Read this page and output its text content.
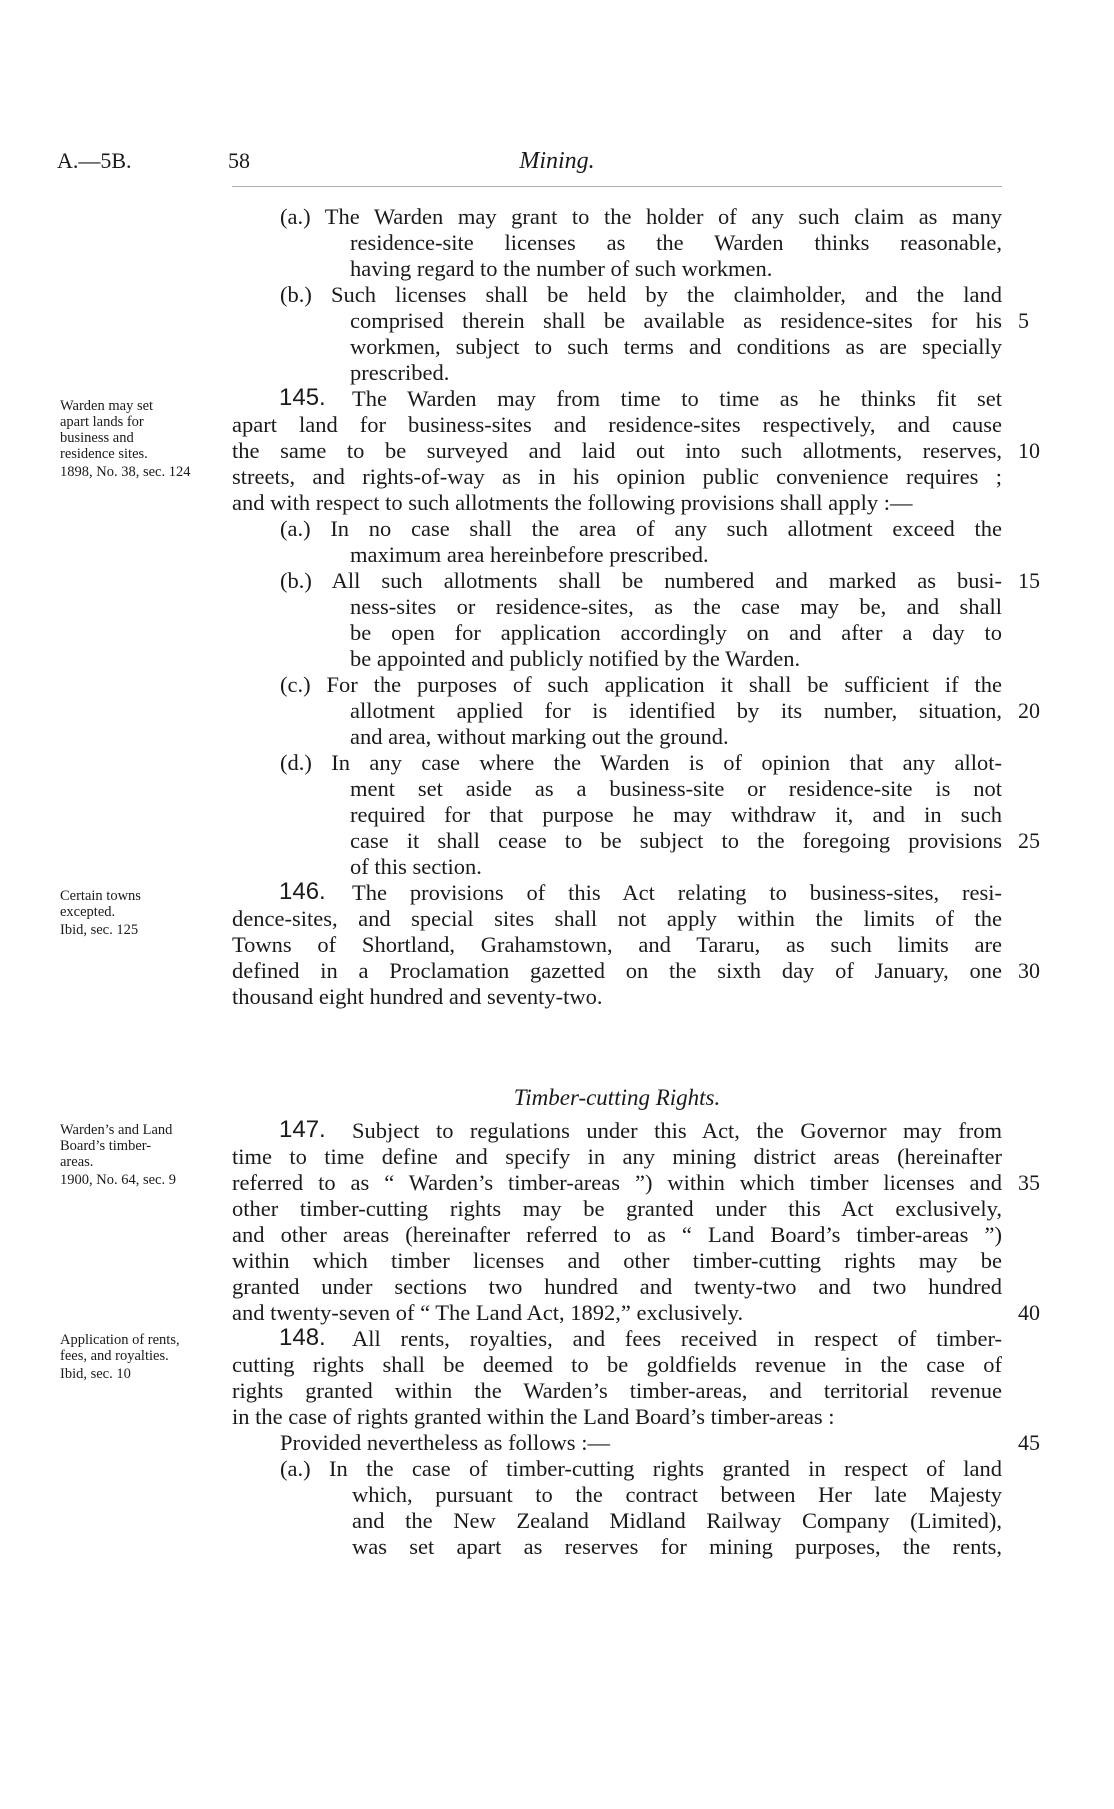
A.—5B.	58	Mining.
Warden may set
apart lands for
business and
residence sites.
1898, No. 38, sec. 124
Certain towns
excepted.
Ibid, sec. 125
Warden’s and Land
Board’s timber-
areas.
1900, No. 64, sec. 9
Application of rents,
fees, and royalties.
Ibid, sec. 10
(a.) The Warden may grant to the holder of any such claim as many
residence-site licenses as the Warden thinks reasonable,
having regard to the number of such workmen.
(b.) Such licenses shall be held by the claimholder, and the land
comprised therein shall be available as residence-sites for his
workmen, subject to such terms and conditions as are specially
prescribed.
145. The Warden may from time to time as he thinks fit set
apart land for business-sites and residence-sites respectively, and cause
the same to be surveyed and laid out into such allotments, reserves,
streets, and rights-of-way as in his opinion public convenience requires ;
and with respect to such allotments the following provisions shall apply :—
(a.) In no case shall the area of any such allotment exceed the
maximum area hereinbefore prescribed.
(b.) All such allotments shall be numbered and marked as busi-
ness-sites or residence-sites, as the case may be, and shall
be open for application accordingly on and after a day to
be appointed and publicly notified by the Warden.
(c.) For the purposes of such application it shall be sufficient if the
allotment applied for is identified by its number, situation,
and area, without marking out the ground.
(d.) In any case where the Warden is of opinion that any allot-
ment set aside as a business-site or residence-site is not
required for that purpose he may withdraw it, and in such
case it shall cease to be subject to the foregoing provisions
of this section.
146. The provisions of this Act relating to business-sites, resi-
dence-sites, and special sites shall not apply within the limits of the
Towns of Shortland, Grahamstown, and Tararu, as such limits are
defined in a Proclamation gazetted on the sixth day of January, one
thousand eight hundred and seventy-two.
Timber-cutting Rights.
147. Subject to regulations under this Act, the Governor may from
time to time define and specify in any mining district areas (hereinafter
referred to as “ Warden’s timber-areas ”) within which timber licenses and
other timber-cutting rights may be granted under this Act exclusively,
and other areas (hereinafter referred to as “ Land Board’s timber-areas ”)
within which timber licenses and other timber-cutting rights may be
granted under sections two hundred and twenty-two and two hundred
and twenty-seven of “ The Land Act, 1892,” exclusively.
148. All rents, royalties, and fees received in respect of timber-
cutting rights shall be deemed to be goldfields revenue in the case of
rights granted within the Warden’s timber-areas, and territorial revenue
in the case of rights granted within the Land Board’s timber-areas :
Provided nevertheless as follows :—
(a.) In the case of timber-cutting rights granted in respect of land
which, pursuant to the contract between Her late Majesty
and the New Zealand Midland Railway Company (Limited),
was set apart as reserves for mining purposes, the rents,
5
10
15
20
25
30
35
40
45
